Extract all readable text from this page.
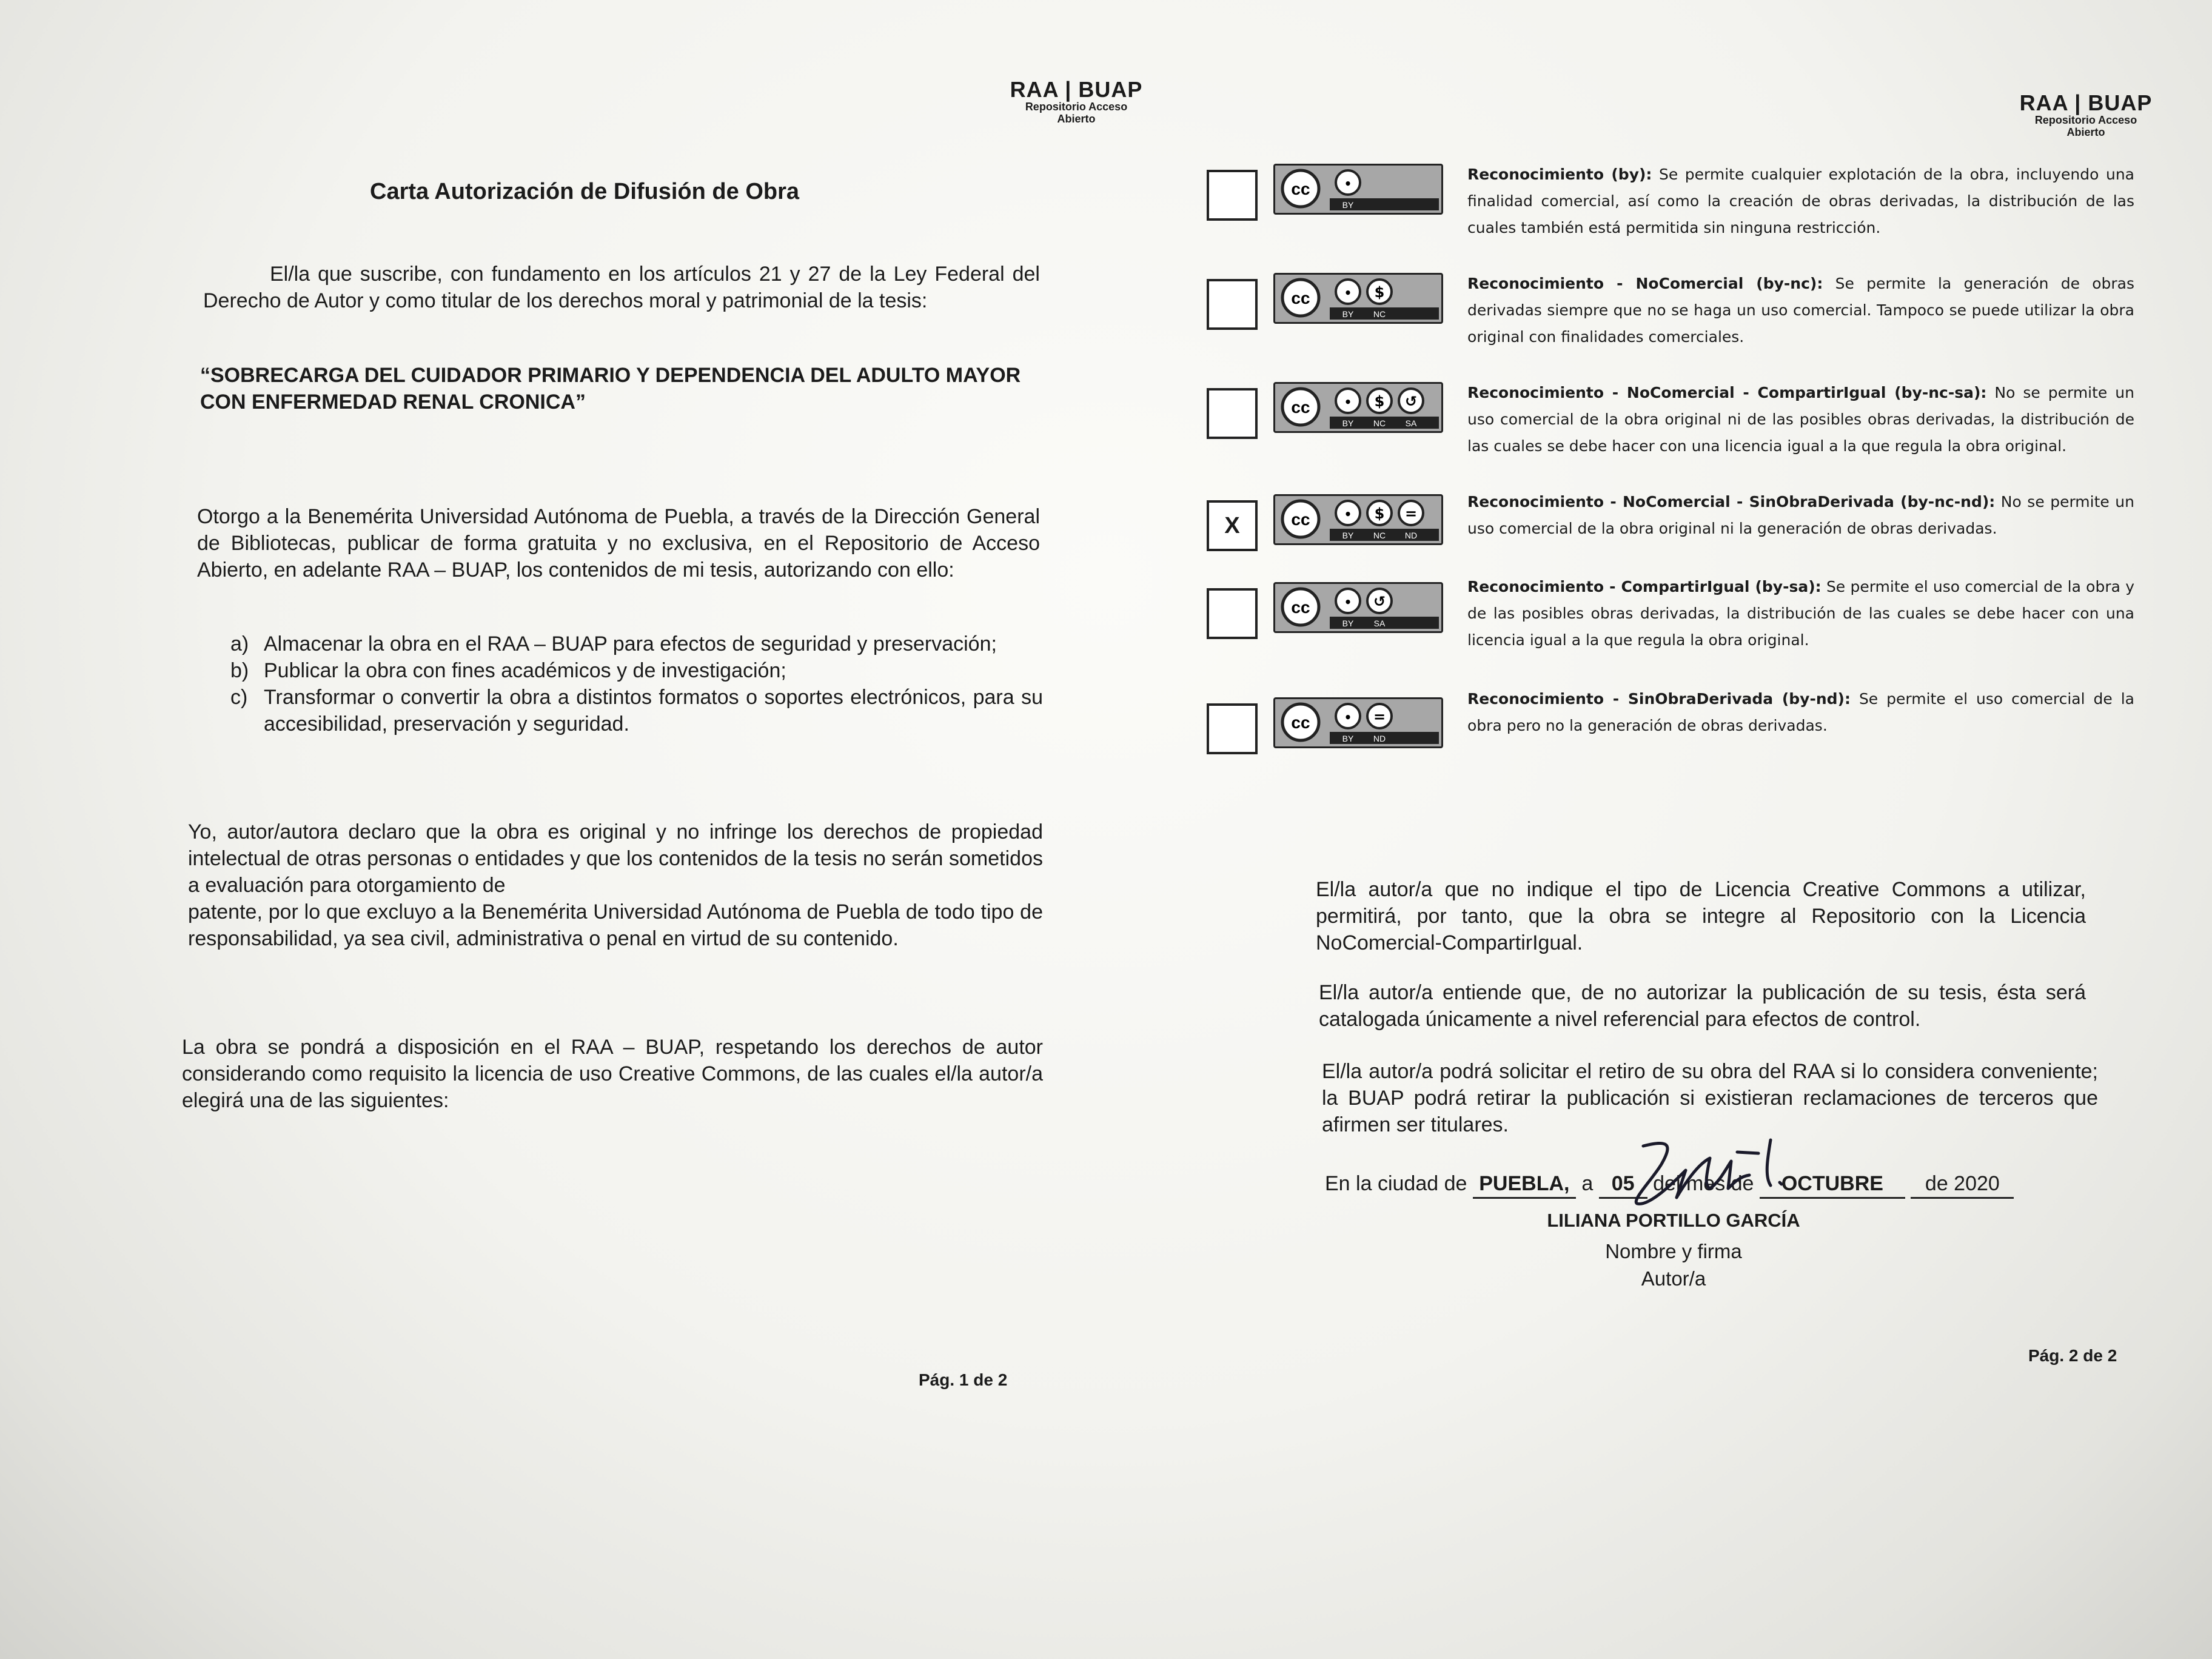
RAA | BUAP
Repositorio Acceso
Abierto
Carta Autorización de Difusión de Obra
El/la que suscribe, con fundamento en los artículos 21 y 27 de la Ley Federal del Derecho de Autor y como titular de los derechos moral y patrimonial de la tesis:
“SOBRECARGA DEL CUIDADOR PRIMARIO Y DEPENDENCIA DEL ADULTO MAYOR CON ENFERMEDAD RENAL CRONICA”
Otorgo a la Benemérita Universidad Autónoma de Puebla, a través de la Dirección General de Bibliotecas, publicar de forma gratuita y no exclusiva, en el Repositorio de Acceso Abierto, en adelante RAA – BUAP, los contenidos de mi tesis, autorizando con ello:
a) Almacenar la obra en el RAA – BUAP para efectos de seguridad y preservación;
b) Publicar la obra con fines académicos y de investigación;
c) Transformar o convertir la obra a distintos formatos o soportes electrónicos, para su accesibilidad, preservación y seguridad.
Yo, autor/autora declaro que la obra es original y no infringe los derechos de propiedad intelectual de otras personas o entidades y que los contenidos de la tesis no serán sometidos a evaluación para otorgamiento de
patente, por lo que excluyo a la Benemérita Universidad Autónoma de Puebla de todo tipo de responsabilidad, ya sea civil, administrativa o penal en virtud de su contenido.
La obra se pondrá a disposición en el RAA – BUAP, respetando los derechos de autor considerando como requisito la licencia de uso Creative Commons, de las cuales el/la autor/a elegirá una de las siguientes:
Pág. 1 de 2
RAA | BUAP
Repositorio Acceso
Abierto
cc	•
BY
Reconocimiento (by): Se permite cualquier explotación de la obra, incluyendo una finalidad comercial, así como la creación de obras derivadas, la distribución de las cuales también está permitida sin ninguna restricción.
cc	•
BY
$
NC
Reconocimiento - NoComercial (by-nc): Se permite la generación de obras derivadas siempre que no se haga un uso comercial. Tampoco se puede utilizar la obra original con finalidades comerciales.
cc	•
BY
$
NC
↺
SA
Reconocimiento - NoComercial - CompartirIgual (by-nc-sa): No se permite un uso comercial de la obra original ni de las posibles obras derivadas, la distribución de las cuales se debe hacer con una licencia igual a la que regula la obra original.
X	cc	•
BY
$
NC
=
ND
Reconocimiento - NoComercial - SinObraDerivada (by-nc-nd): No se permite un uso comercial de la obra original ni la generación de obras derivadas.
cc	•
BY
↺
SA
Reconocimiento - CompartirIgual (by-sa): Se permite el uso comercial de la obra y de las posibles obras derivadas, la distribución de las cuales se debe hacer con una licencia igual a la que regula la obra original.
cc	•
BY
=
ND
Reconocimiento - SinObraDerivada (by-nd): Se permite el uso comercial de la obra pero no la generación de obras derivadas.
El/la autor/a que no indique el tipo de Licencia Creative Commons a utilizar, permitirá, por tanto, que la obra se integre al Repositorio con la Licencia NoComercial-CompartirIgual.
El/la autor/a entiende que, de no autorizar la publicación de su tesis, ésta será catalogada únicamente a nivel referencial para efectos de control.
El/la autor/a podrá solicitar el retiro de su obra del RAA si lo considera conveniente; la BUAP podrá retirar la publicación si existieran reclamaciones de terceros que afirmen ser titulares.
En la ciudad de PUEBLA, a 05 del mes de OCTUBRE de 2020
LILIANA PORTILLO GARCÍA
Nombre y firma
Autor/a
Pág. 2 de 2
